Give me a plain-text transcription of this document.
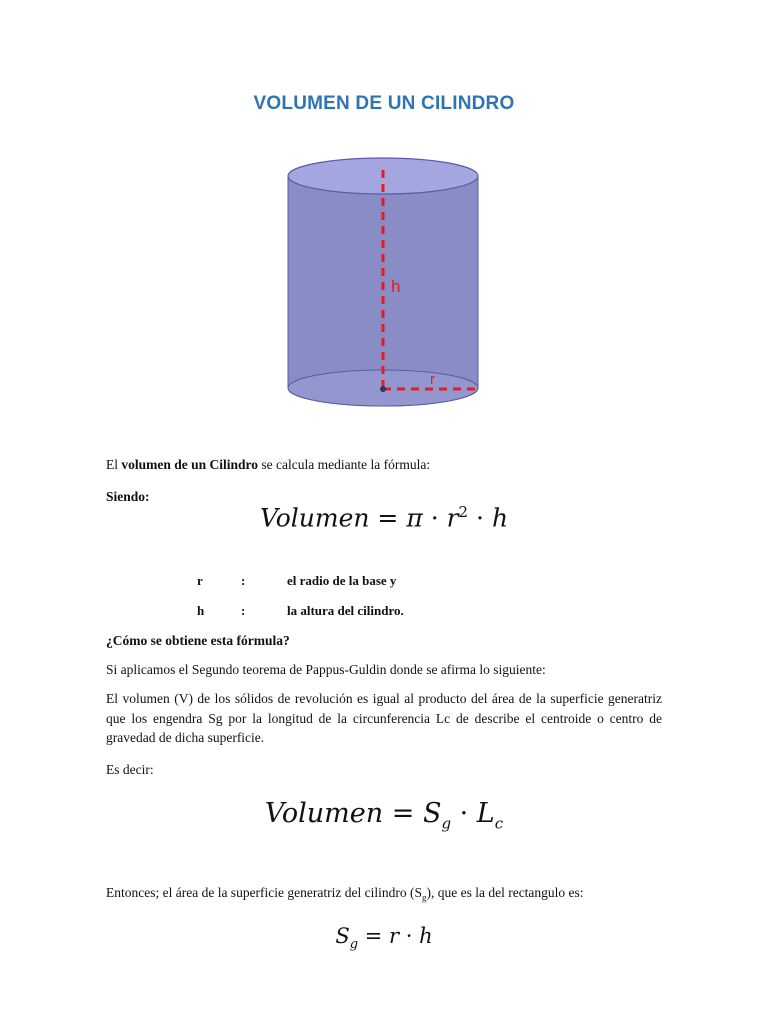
VOLUMEN DE UN CILINDRO
h
r
El volumen de un Cilindro se calcula mediante la fórmula:
Siendo:
Volumen = $\pi \cdot r^2 \cdot h$
r	:	el radio de la base y
h	:	la altura del cilindro.
¿Cómo se obtiene esta fórmula?
Si aplicamos el Segundo teorema de Pappus-Guldin donde se afirma lo siguiente:
El volumen (V) de los sólidos de revolución es igual al producto del área de la superficie generatriz que los engendra Sg por la longitud de la circunferencia Lc de describe el centroide o centro de gravedad de dicha superficie.
Es decir:
Volumen = $S_g \cdot L_c$
Entonces; el área de la superficie generatriz del cilindro $(S_g)$, que es la del rectangulo es:
$S_g = r \cdot h$
